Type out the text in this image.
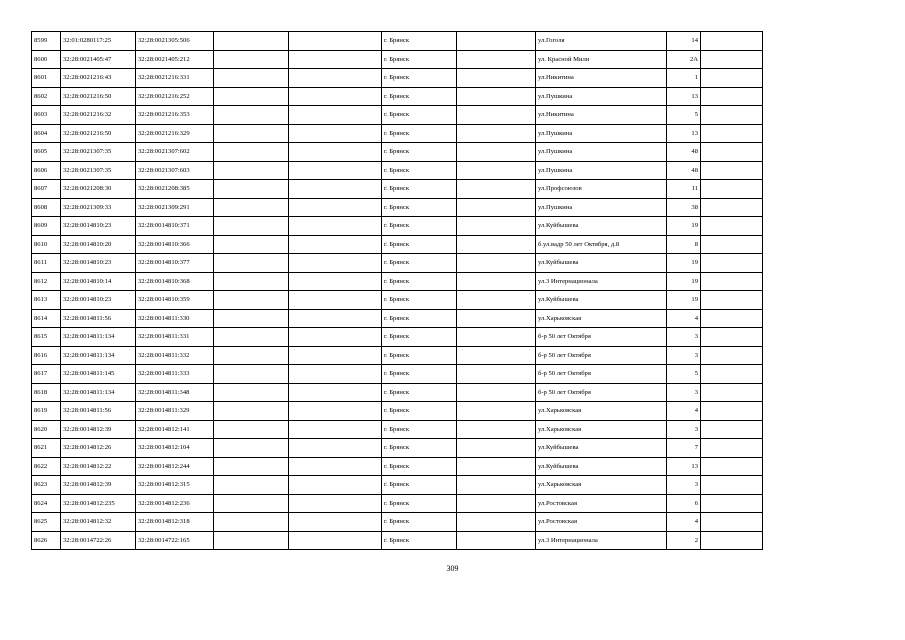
8599	32:01:0280117:25	32:28:0021305:506			г. Брянск		ул.Гоголя	14		
8600	32:28:0021405:47	32:28:0021405:212			г. Брянск		ул. Красной Мили	2А		
8601	32:28:0021216:43	32:28:0021216:331			г. Брянск		ул.Никитина	1		
8602	32:28:0021216:50	32:28:0021216:252			г. Брянск		ул.Пушкина	13		
8603	32:28:0021216:32	32:28:0021216:353			г. Брянск		ул.Никитина	5		
8604	32:28:0021216:50	32:28:0021216:329			г. Брянск		ул.Пушкина	13		
8605	32:28:0021307:35	32:28:0021307:602			г. Брянск		ул.Пушкина	48		
8606	32:28:0021307:35	32:28:0021307:603			г. Брянск		ул.Пушкина	48		
8607	32:28:0021208:30	32:28:0021208:385			г. Брянск		ул.Профсоюзов	11		
8608	32:28:0021309:33	32:28:0021309:291			г. Брянск		ул.Пушкина	38		
8609	32:28:0014810:23	32:28:0014810:371			г. Брянск		ул.Куйбышева	19		
8610	32:28:0014810:20	32:28:0014810:366			г. Брянск		б.ул.вадр 50 лет Октября, д.8	8		
8611	32:28:0014810:23	32:28:0014810:377			г. Брянск		ул.Куйбышева	19		
8612	32:28:0014810:14	32:28:0014810:368			г. Брянск		ул.3 Интернационала	19		
8613	32:28:0014810:23	32:28:0014810:359			г. Брянск		ул.Куйбышева	19		
8614	32:28:0014811:56	32:28:0014811:330			г. Брянск		ул.Харьковская	4		
8615	32:28:0014811:134	32:28:0014811:331			г. Брянск		б-р 50 лет Октября	3		
8616	32:28:0014811:134	32:28:0014811:332			г. Брянск		б-р 50 лет Октября	3		
8617	32:28:0014811:145	32:28:0014811:333			г. Брянск		б-р 50 лет Октября	5		
8618	32:28:0014811:134	32:28:0014811:348			г. Брянск		б-р 50 лет Октября	3		
8619	32:28:0014811:56	32:28:0014811:329			г. Брянск		ул.Харьковская	4		
8620	32:28:0014812:39	32:28:0014812:141			г. Брянск		ул.Харьковская	3		
8621	32:28:0014812:26	32:28:0014812:104			г. Брянск		ул.Куйбышева	7		
8622	32:28:0014812:22	32:28:0014812:244			г. Брянск		ул.Куйбышева	13		
8623	32:28:0014812:39	32:28:0014812:315			г. Брянск		ул.Харьковская	3		
8624	32:28:0014812:235	32:28:0014812:236			г. Брянск		ул.Ростовская	6		
8625	32:28:0014812:32	32:28:0014812:318			г. Брянск		ул.Ростовская	4		
8626	32:28:0014722:26	32:28:0014722:165			г. Брянск		ул.3 Интернационала	2		
309
